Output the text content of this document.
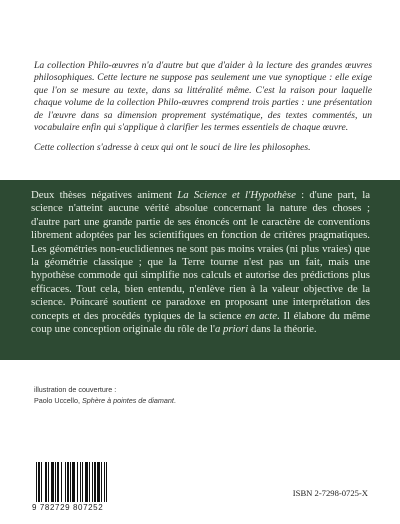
La collection Philo-œuvres n'a d'autre but que d'aider à la lecture des grandes œuvres philosophiques. Cette lecture ne suppose pas seulement une vue synoptique : elle exige que l'on se mesure au texte, dans sa littéralité même. C'est la raison pour laquelle chaque volume de la collection Philo-œuvres comprend trois parties : une présentation de l'œuvre dans sa dimension proprement systématique, des textes commentés, un vocabulaire enfin qui s'applique à clarifier les termes essentiels de chaque œuvre.

Cette collection s'adresse à ceux qui ont le souci de lire les philosophes.

Deux thèses négatives animent La Science et l'Hypothèse : d'une part, la science n'atteint aucune vérité absolue concernant la nature des choses ; d'autre part une grande partie de ses énoncés ont le caractère de conventions librement adoptées par les scientifiques en fonction de critères pragmatiques. Les géométries non-euclidiennes ne sont pas moins vraies (ni plus vraies) que la géométrie classique ; que la Terre tourne n'est pas un fait, mais une hypothèse commode qui simplifie nos calculs et autorise des prédictions plus efficaces. Tout cela, bien entendu, n'enlève rien à la valeur objective de la science. Poincaré soutient ce paradoxe en proposant une interprétation des concepts et des procédés typiques de la science en acte. Il élabore du même coup une conception originale du rôle de l'a priori dans la théorie.
illustration de couverture :
Paolo Uccello, Sphère à pointes de diamant.
9 782729 807252
ISBN 2-7298-0725-X
